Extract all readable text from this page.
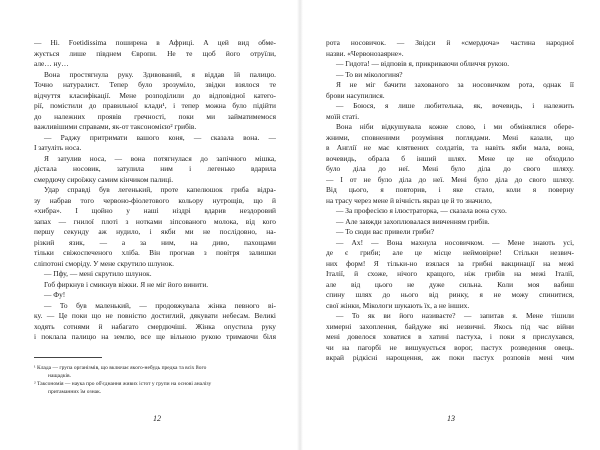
— Ні. Foetidissima поширена в Африці. А цей вид обме-
жується лише півднем Європи. Не те щоб його отруїли,
але… ну…
Вона простягнула руку. Здивований, я віддав їй палицю.
Точно натуралист. Тепер було зрозуміло, звідки взялося те
відчуття класифікації. Мене розподілили до відповідної катего-
рії, помістили до правильної клади¹, і тепер можна було підійти
до належних проявів гречності, поки ми займатимемося
важливішими справами, як-от таксономією² грибів.
— Раджу притримати вашого коня, — сказала вона. —
І затуліть носа.
Я затулив носа, — вона потягнулася до запічного мішка,
дістала носовик, затулила ним і легенько вдарила
смердючу сироїжку самим кінчиком палиці.
Удар справді був легенький, проте капелюшок гриба відра-
зу набрав того червоно-фіолетового кольору нутрощів, що й
«хибра». І щойно у наші ніздрі вдарив нездоровий
запах — гнилої плоті з нотками зіпсованого молока, від кого
першу секунду аж нудило, і якби ми не послідовно, на-
різкий язик, — а за ним, на диво, пахощами
тільки свіжоспеченого хліба. Він прогнав з повітря залишки
сліпотоні сморіду. У мене скрутило шлунок.
— Пфу, — мені скрутило шлунок.
Гоб фиркнув і смикнув віжки. Я не міг його винити.
— Фу!
— То був маленький, — продовжувала жінка певного ві-
ку. — Це поки що не повністю достиглий, дякувати небесам. Великі
ходять сотнями й набагато смердючіші. Жінка опустила руку
і поклала палицю на землю, все ще вільною рукою тримаючи біля
¹ Клада — група організмів, що включає якого-небудь предка та всіх його
нащадків.
² Таксономія — наука про об'єднання живих істот у групи на основі аналізу
притаманних їм ознак.
12
рота носовичок. — Звідси й «смердюча» частина народної
назви. «Червонозаярне».
— Гидота! — відповів я, прикриваючи обличчя рукою.
— То ви мікологиня?
Я не міг бачити захованого за носовичком рота, однак її
брови насупилися.
— Боюся, я лише любителька, як, вочевидь, і належить
моїй статі.
Вона ніби відкушувала кожне слово, і ми обмінялися обере-
жними, сповненими розуміння поглядами. Мені казали, що
в Англії не має клятвених солдатів, та навіть якби мала, вона,
вочевидь, обрала б інший шлях. Мене це не обходило
було діла до неї. Мені було діла до свого шляху.
— І от не було діла до неї. Мені було діла до свого шляху.
Від цього, я повторив, і яке стало, коли я поверну
на трасу через мене й вічність якраз це й то значило,
— За професією я ілюстраторка, — сказала вона сухо.
— Але завжди захоплювалася вивченням грибів.
— То сюди вас привели гриби?
— Ах! — Вона махнула носовичком. — Мене знають усі,
де є гриби; але це місце неймовірне! Стільки незвич-
них форм! Я тільки-но взялася за грибні вакцинації на межі
Італії, й схоже, нічого кращого, ніж грибів на межі Італії,
але від цього не дуже сильна. Коли моя вабиш
спину шлях до нього від ринку, я не можу спинитися,
свої жінки, Мікологи шукають їх, а не інших.
— То як ви його називаєте? — запитав я. Мене тішили
химерні захоплення, байдуже які незвичні. Якось під час війни
мені довелося ховатися в хатині пастуха, і поки я прислухався,
чи на пагорбі не вишукується ворог, пастух розведення овець.
вкрай рідкісні нарощення, аж поки пастух розповів мені чим
13
